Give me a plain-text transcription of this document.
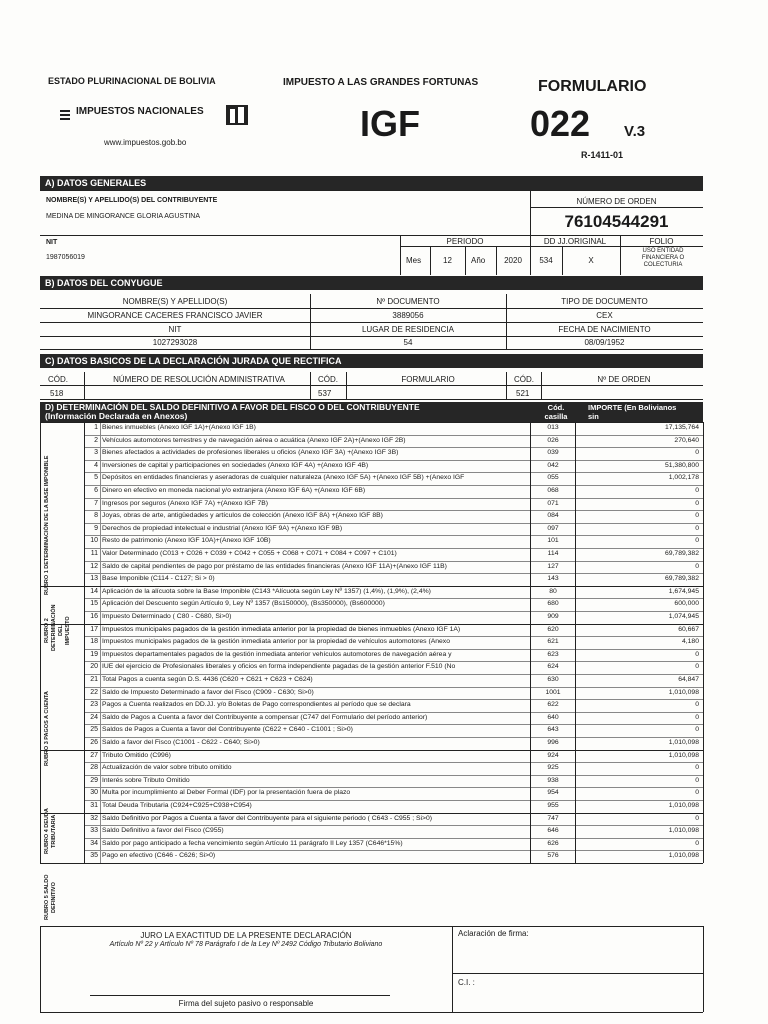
ESTADO PLURINACIONAL DE BOLIVIA
IMPUESTOS NACIONALES
www.impuestos.gob.bo
IMPUESTO A LAS GRANDES FORTUNAS
IGF
FORMULARIO
022 V.3
R-1411-01
A) DATOS GENERALES
NOMBRE(S) Y APELLIDO(S) DEL CONTRIBUYENTE
MEDINA DE MINGORANCE GLORIA AGUSTINA
NÚMERO DE ORDEN
76104544291
NIT
1987056019
PERIODO
Mes	12	Año	2020
DD JJ.ORIGINAL
534	X
FOLIO
USO ENTIDAD FINANCIERA O COLECTURIA
B) DATOS DEL CONYUGUE
NOMBRE(S) Y APELLIDO(S)
MINGORANCE CACERES FRANCISCO JAVIER
Nº DOCUMENTO
3889056
TIPO DE DOCUMENTO
CEX
NIT
1027293028
LUGAR DE RESIDENCIA
54
FECHA DE NACIMIENTO
08/09/1952
C) DATOS BASICOS DE LA DECLARACIÓN JURADA QUE RECTIFICA
CÓD.	NÚMERO DE RESOLUCIÓN ADMINISTRATIVA	CÓD.	FORMULARIO	CÓD.	Nº DE ORDEN
518	537	521
D) DETERMINACIÓN DEL SALDO DEFINITIVO A FAVOR DEL FISCO O DEL CONTRIBUYENTE
(Información Declarada en Anexos)
Cód. casilla
IMPORTE (En Bolivianos sin
1 Bienes inmuebles (Anexo IGF 1A)+(Anexo IGF 1B)	013	17,135,764
2 Vehículos automotores terrestres y de navegación aérea o acuática (Anexo IGF 2A)+(Anexo IGF 2B)	026	270,640
3 Bienes afectados a actividades de profesiones liberales u oficios (Anexo IGF 3A) +(Anexo IGF 3B)	039	0
4 Inversiones de capital y participaciones en sociedades (Anexo IGF 4A) +(Anexo IGF 4B)	042	51,380,800
5 Depósitos en entidades financieras y aseradoras de cualquier naturaleza (Anexo IGF 5A) +(Anexo IGF 5B) +(Anexo IGF	055	1,002,178
6 Dinero en efectivo en moneda nacional y/o extranjera (Anexo IGF 6A) +(Anexo IGF 6B)	068	0
7 Ingresos por seguros (Anexo IGF 7A) +(Anexo IGF 7B)	071	0
8 Joyas, obras de arte, antigüedades y artículos de colección (Anexo IGF 8A) +(Anexo IGF 8B)	084	0
9 Derechos de propiedad intelectual e industrial (Anexo IGF 9A) +(Anexo IGF 9B)	097	0
10 Resto de patrimonio (Anexo IGF 10A)+(Anexo IGF 10B)	101	0
11 Valor Determinado (C013 + C026 + C039 + C042 + C055 + C068 + C071 + C084 + C097 + C101)	114	69,789,382
12 Saldo de capital pendientes de pago por préstamo de las entidades financieras (Anexo IGF 11A)+(Anexo IGF 11B)	127	0
13 Base Imponible (C114 - C127; Si > 0)	143	69,789,382
14 Aplicación de la alícuota sobre la Base Imponible (C143 *Alícuota según Ley Nº 1357) (1,4%), (1,9%), (2,4%)	80	1,674,945
15 Aplicación del Descuento según Artículo 9, Ley Nº 1357 (Bs150000), (Bs350000), (Bs600000)	680	600,000
16 Impuesto Determinado ( C80 - C680, Si>0)	909	1,074,945
17 Impuestos municipales pagados de la gestión inmediata anterior por la propiedad de bienes inmuebles (Anexo IGF 1A)	620	60,667
18 Impuestos municipales pagados de la gestión inmediata anterior por la propiedad de vehículos automotores (Anexo	621	4,180
19 Impuestos departamentales pagados de la gestión inmediata anterior vehículos automotores de navegación aérea y	623	0
20 IUE del ejercicio de Profesionales liberales y oficios en forma independiente pagadas de la gestión anterior F.510 (No	624	0
21 Total Pagos a cuenta según D.S. 4436 (C620 + C621 + C623 + C624)	630	64,847
22 Saldo de Impuesto Determinado a favor del Fisco (C909 - C630; Si>0)	1001	1,010,098
23 Pagos a Cuenta realizados en DD.JJ. y/o Boletas de Pago correspondientes al período que se declara	622	0
24 Saldo de Pagos a Cuenta a favor del Contribuyente a compensar (C747 del Formulario del período anterior)	640	0
25 Saldos de Pagos a Cuenta a favor del Contribuyente (C622 + C640 - C1001 ; Si>0)	643	0
26 Saldo a favor del Fisco (C1001 - C622 - C640; Si>0)	996	1,010,098
27 Tributo Omitido (C996)	924	1,010,098
28 Actualización de valor sobre tributo omitido	925	0
29 Interés sobre Tributo Omitido	938	0
30 Multa por incumplimiento al Deber Formal (IDF) por la presentación fuera de plazo	954	0
31 Total Deuda Tributaria (C924+C925+C938+C954)	955	1,010,098
32 Saldo Definitivo por Pagos a Cuenta a favor del Contribuyente para el siguiente periodo ( C643 - C955 ; Si>0)	747	0
33 Saldo Definitivo a favor del Fisco (C955)	646	1,010,098
34 Saldo por pago anticipado a fecha vencimiento según Artículo 11 parágrafo II Ley 1357 (C646*15%)	626	0
35 Pago en efectivo (C646 - C626; Si>0)	576	1,010,098
RUBRO 1 DETERMINACIÓN DE LA BASE IMPONIBLE
RUBRO 2 DETERMINACIÓN DEL IMPUESTO
RUBRO 3 PAGOS A CUENTA
RUBRO 4 DEUDA TRIBUTARIA
RUBRO 5 SALDO DEFINITIVO
JURO LA EXACTITUD DE LA PRESENTE DECLARACIÓN
Artículo Nº 22 y Artículo Nº 78 Parágrafo I de la Ley Nº 2492 Código Tributario Boliviano
Firma del sujeto pasivo o responsable
Aclaración de firma:
C.I. :
